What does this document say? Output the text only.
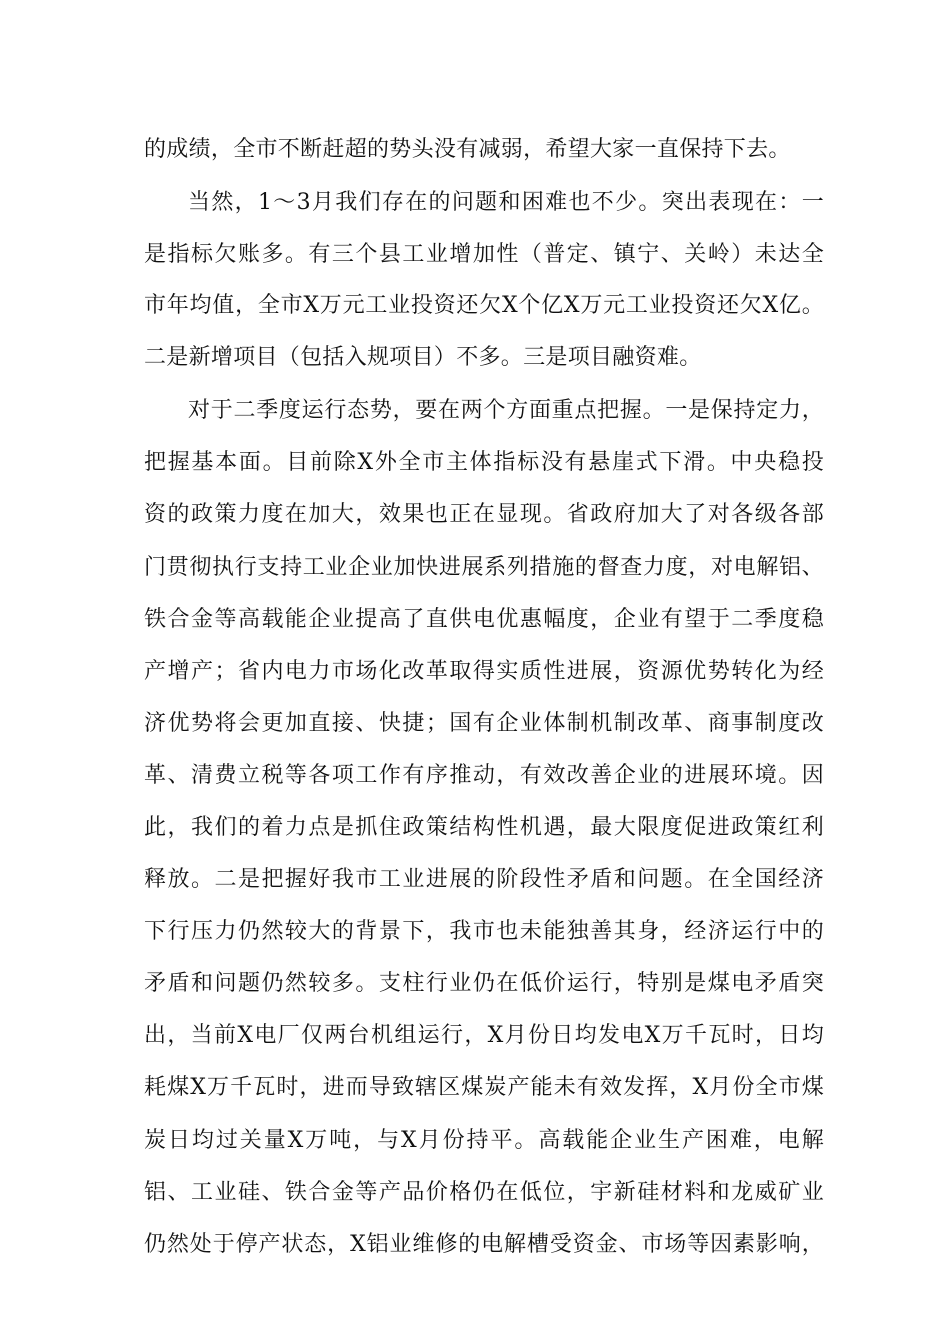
的成绩，全市不断赶超的势头没有减弱，希望大家一直保持下去。
当然，1～3月我们存在的问题和困难也不少。突出表现在：一
是指标欠账多。有三个县工业增加性（普定、镇宁、关岭）未达全
市年均值，全市X万元工业投资还欠X个亿X万元工业投资还欠X亿。
二是新增项目（包括入规项目）不多。三是项目融资难。
对于二季度运行态势，要在两个方面重点把握。一是保持定力，
把握基本面。目前除X外全市主体指标没有悬崖式下滑。中央稳投
资的政策力度在加大，效果也正在显现。省政府加大了对各级各部
门贯彻执行支持工业企业加快进展系列措施的督查力度，对电解铝、
铁合金等高载能企业提高了直供电优惠幅度，企业有望于二季度稳
产增产；省内电力市场化改革取得实质性进展，资源优势转化为经
济优势将会更加直接、快捷；国有企业体制机制改革、商事制度改
革、清费立税等各项工作有序推动，有效改善企业的进展环境。因
此，我们的着力点是抓住政策结构性机遇，最大限度促进政策红利
释放。二是把握好我市工业进展的阶段性矛盾和问题。在全国经济
下行压力仍然较大的背景下，我市也未能独善其身，经济运行中的
矛盾和问题仍然较多。支柱行业仍在低价运行，特别是煤电矛盾突
出，当前X电厂仅两台机组运行，X月份日均发电X万千瓦时，日均
耗煤X万千瓦时，进而导致辖区煤炭产能未有效发挥，X月份全市煤
炭日均过关量X万吨，与X月份持平。高载能企业生产困难，电解
铝、工业硅、铁合金等产品价格仍在低位，宇新硅材料和龙威矿业
仍然处于停产状态，X铝业维修的电解槽受资金、市场等因素影响，
